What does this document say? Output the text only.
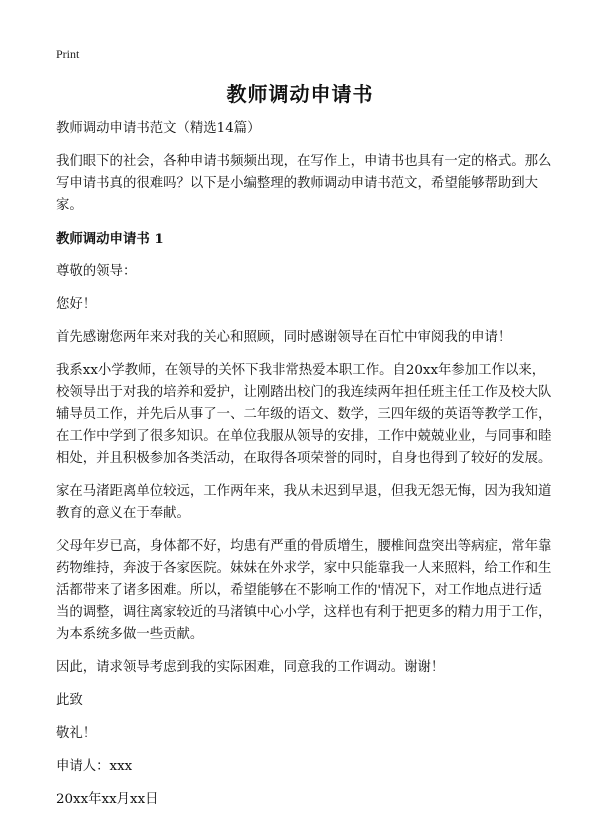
Print
教师调动申请书

教师调动申请书范文（精选14篇）

我们眼下的社会，各种申请书频频出现，在写作上，申请书也具有一定的格式。那么写申请书真的很难吗？以下是小编整理的教师调动申请书范文，希望能够帮助到大家。

教师调动申请书 1

尊敬的领导：

您好！

首先感谢您两年来对我的关心和照顾，同时感谢领导在百忙中审阅我的申请！

我系xx小学教师，在领导的关怀下我非常热爱本职工作。自20xx年参加工作以来，校领导出于对我的培养和爱护，让刚踏出校门的我连续两年担任班主任工作及校大队辅导员工作，并先后从事了一、二年级的语文、数学，三四年级的英语等教学工作，在工作中学到了很多知识。在单位我服从领导的安排，工作中兢兢业业，与同事和睦相处，并且积极参加各类活动，在取得各项荣誉的同时，自身也得到了较好的发展。

家在马渚距离单位较远，工作两年来，我从未迟到早退，但我无怨无悔，因为我知道教育的意义在于奉献。

父母年岁已高，身体都不好，均患有严重的骨质增生，腰椎间盘突出等病症，常年靠药物维持，奔波于各家医院。妹妹在外求学，家中只能靠我一人来照料，给工作和生活都带来了诸多困难。所以，希望能够在不影响工作的'情况下，对工作地点进行适当的调整，调往离家较近的马渚镇中心小学，这样也有利于把更多的精力用于工作，为本系统多做一些贡献。

因此，请求领导考虑到我的实际困难，同意我的工作调动。谢谢！

此致

敬礼！

申请人：xxx

20xx年xx月xx日
